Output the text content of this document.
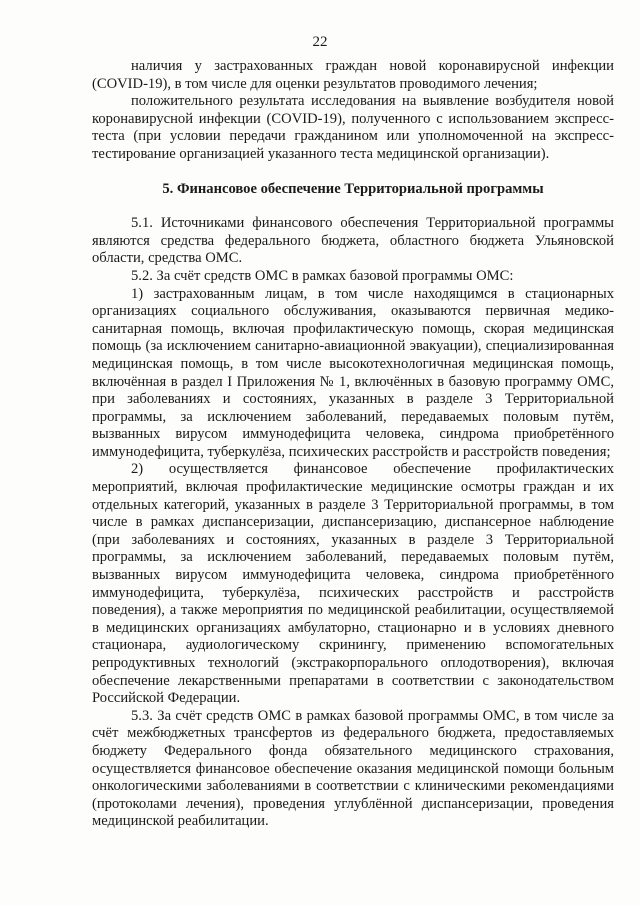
22

наличия у застрахованных граждан новой коронавирусной инфекции (COVID-19), в том числе для оценки результатов проводимого лечения;

положительного результата исследования на выявление возбудителя новой коронавирусной инфекции (COVID-19), полученного с использованием экспресс-теста (при условии передачи гражданином или уполномоченной на экспресс-тестирование организацией указанного теста медицинской организации).

5. Финансовое обеспечение Территориальной программы

5.1. Источниками финансового обеспечения Территориальной программы являются средства федерального бюджета, областного бюджета Ульяновской области, средства ОМС.

5.2. За счёт средств ОМС в рамках базовой программы ОМС:

1) застрахованным лицам, в том числе находящимся в стационарных организациях социального обслуживания, оказываются первичная медико-санитарная помощь, включая профилактическую помощь, скорая медицинская помощь (за исключением санитарно-авиационной эвакуации), специализированная медицинская помощь, в том числе высокотехнологичная медицинская помощь, включённая в раздел I Приложения № 1, включённых в базовую программу ОМС, при заболеваниях и состояниях, указанных в разделе 3 Территориальной программы, за исключением заболеваний, передаваемых половым путём, вызванных вирусом иммунодефицита человека, синдрома приобретённого иммунодефицита, туберкулёза, психических расстройств и расстройств поведения;

2) осуществляется финансовое обеспечение профилактических мероприятий, включая профилактические медицинские осмотры граждан и их отдельных категорий, указанных в разделе 3 Территориальной программы, в том числе в рамках диспансеризации, диспансеризацию, диспансерное наблюдение (при заболеваниях и состояниях, указанных в разделе 3 Территориальной программы, за исключением заболеваний, передаваемых половым путём, вызванных вирусом иммунодефицита человека, синдрома приобретённого иммунодефицита, туберкулёза, психических расстройств и расстройств поведения), а также мероприятия по медицинской реабилитации, осуществляемой в медицинских организациях амбулаторно, стационарно и в условиях дневного стационара, аудиологическому скринингу, применению вспомогательных репродуктивных технологий (экстракорпорального оплодотворения), включая обеспечение лекарственными препаратами в соответствии с законодательством Российской Федерации.

5.3. За счёт средств ОМС в рамках базовой программы ОМС, в том числе за счёт межбюджетных трансфертов из федерального бюджета, предоставляемых бюджету Федерального фонда обязательного медицинского страхования, осуществляется финансовое обеспечение оказания медицинской помощи больным онкологическими заболеваниями в соответствии с клиническими рекомендациями (протоколами лечения), проведения углублённой диспансеризации, проведения медицинской реабилитации.
